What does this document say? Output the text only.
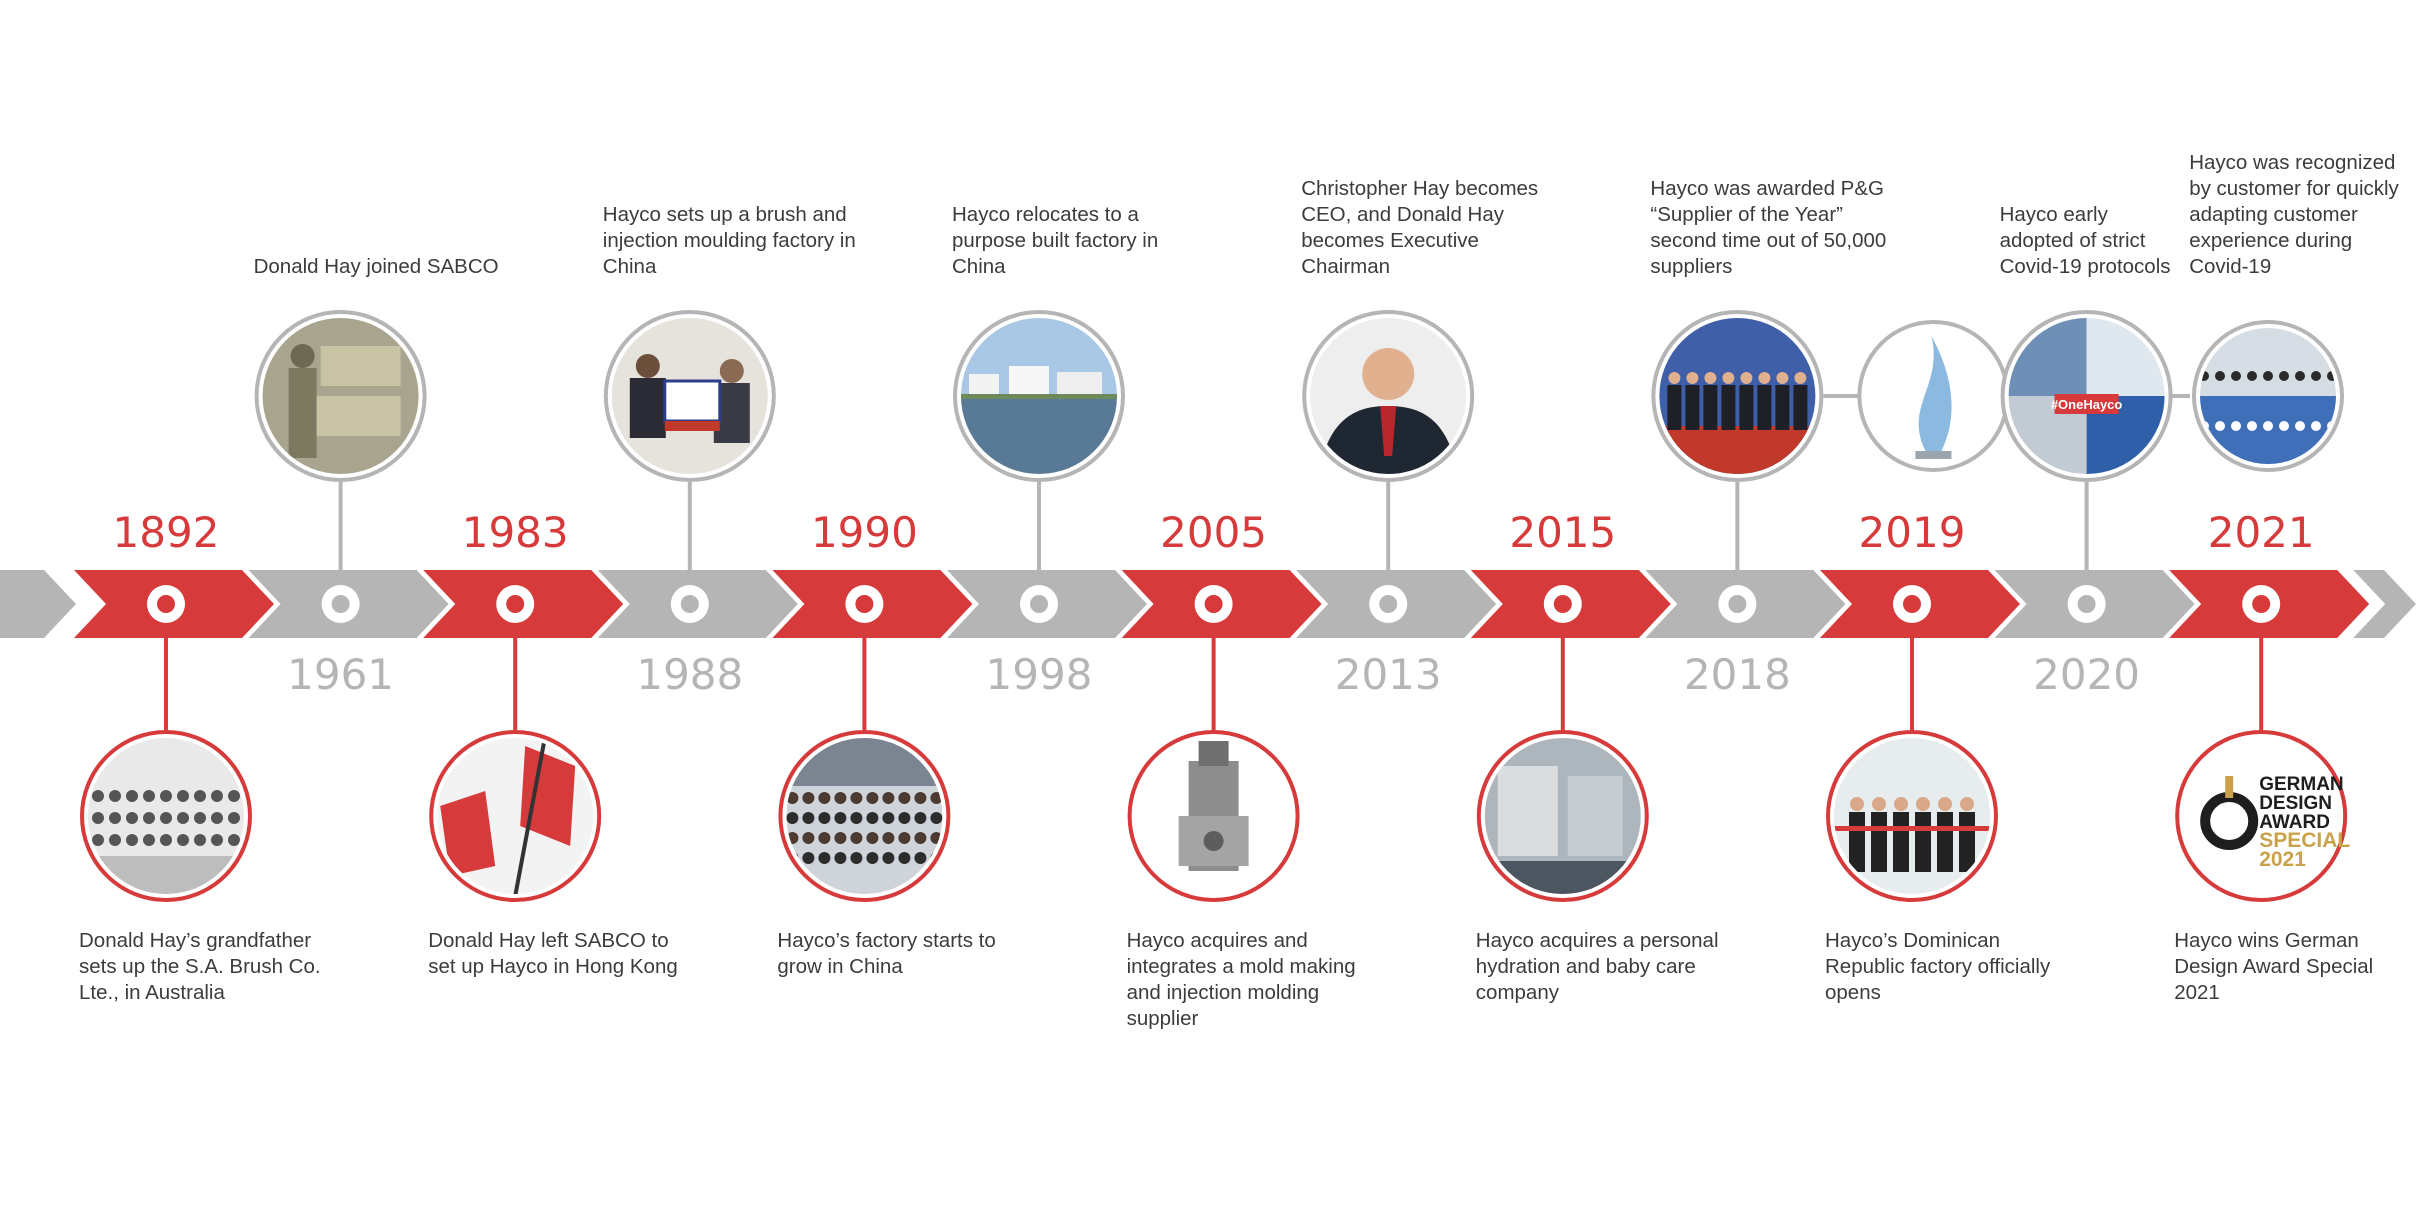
#OneHayco
GERMAN
DESIGN
AWARD
SPECIAL
2021
1892
Donald Hay’s grandfather sets up the S.A. Brush Co. Lte., in Australia
1961
Donald Hay joined SABCO
1983
Donald Hay left SABCO to set up Hayco in Hong Kong
1988
Hayco sets up a brush and injection moulding factory in China
1990
Hayco’s factory starts to grow in China
1998
Hayco relocates to a purpose built factory in China
2005
Hayco acquires and integrates a mold making and injection molding supplier
2013
Christopher Hay becomes CEO, and Donald Hay becomes Executive Chairman
2015
Hayco acquires a personal hydration and baby care company
2018
Hayco was awarded P&G “Supplier of the Year” second time out of 50,000 suppliers
2019
Hayco’s Dominican Republic factory officially opens
2020
Hayco early adopted of strict Covid-19 protocols
2021
Hayco wins German Design Award Special 2021
Hayco was recognized by customer for quickly adapting customer experience during Covid-19
